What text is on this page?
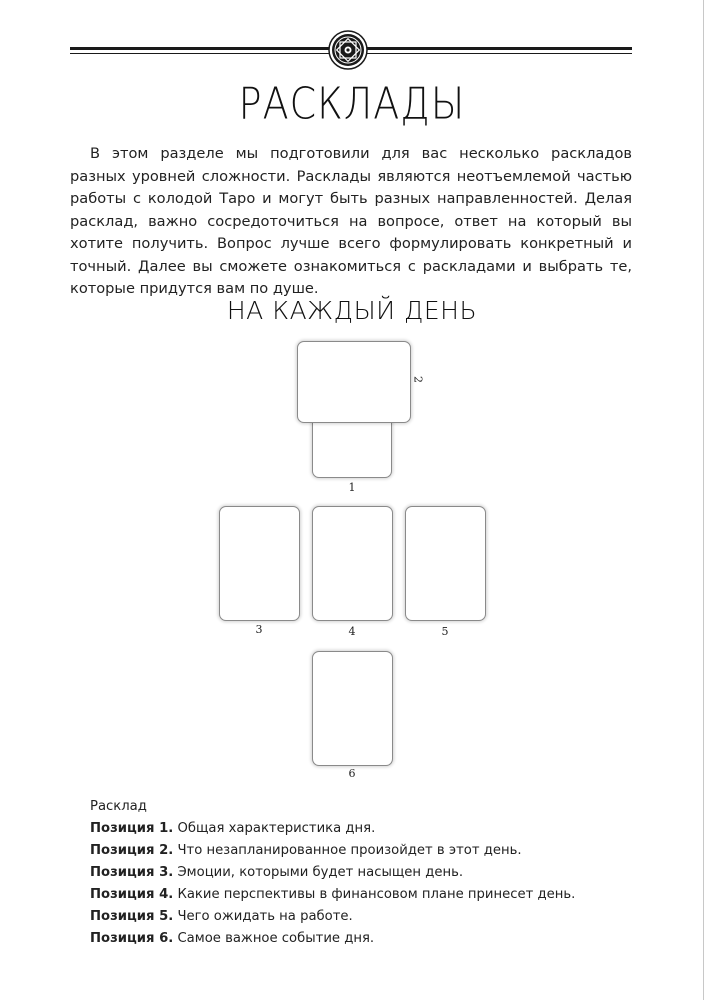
РАСКЛАДЫ

В этом разделе мы подготовили для вас несколько раскладов разных уровней сложности. Расклады являются неотъемлемой частью работы с колодой Таро и могут быть разных направленностей. Делая расклад, важно сосредоточиться на вопросе, ответ на который вы хотите получить. Вопрос лучше всего формулировать конкретный и точный. Далее вы сможете ознакомиться с раскладами и выбрать те, которые придутся вам по душе.

НА КАЖДЫЙ ДЕНЬ
1
2
3	4	5
6
Расклад
Позиция 1. Общая характеристика дня.
Позиция 2. Что незапланированное произойдет в этот день.
Позиция 3. Эмоции, которыми будет насыщен день.
Позиция 4. Какие перспективы в финансовом плане принесет день.
Позиция 5. Чего ожидать на работе.
Позиция 6. Самое важное событие дня.
